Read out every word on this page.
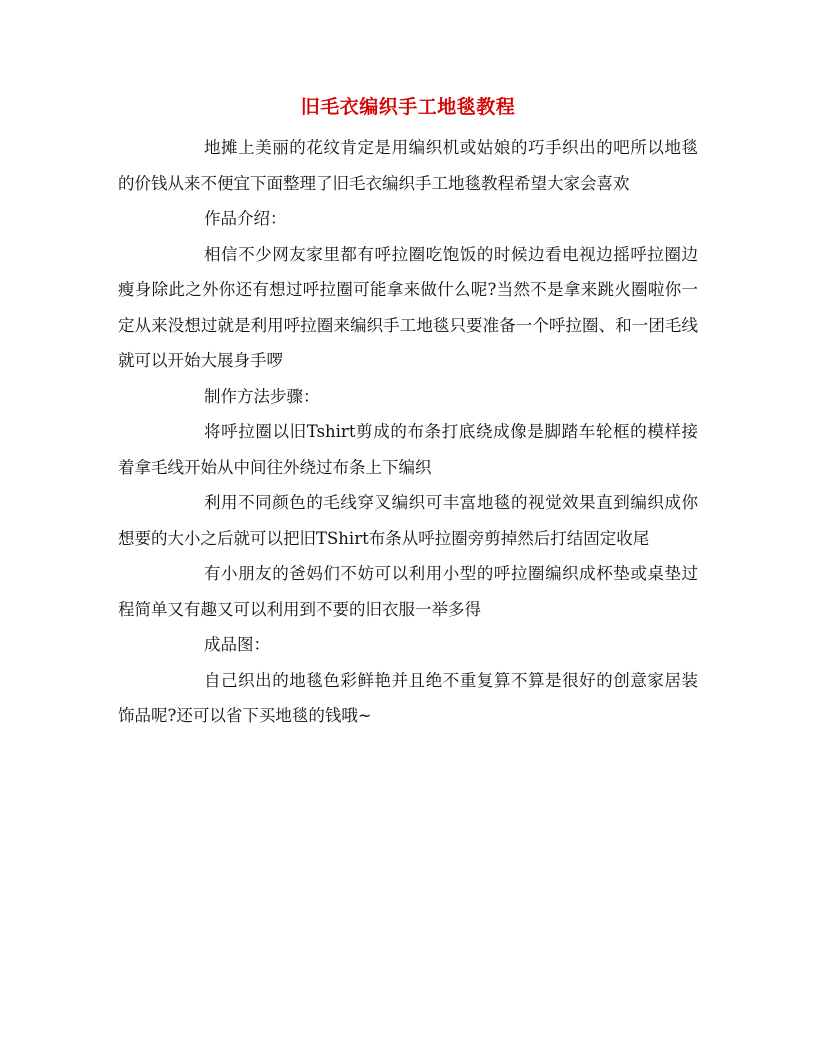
旧毛衣编织手工地毯教程

地摊上美丽的花纹肯定是用编织机或姑娘的巧手织出的吧所以地毯的价钱从来不便宜下面整理了旧毛衣编织手工地毯教程希望大家会喜欢

作品介绍：

相信不少网友家里都有呼拉圈吃饱饭的时候边看电视边摇呼拉圈边瘦身除此之外你还有想过呼拉圈可能拿来做什么呢?当然不是拿来跳火圈啦你一定从来没想过就是利用呼拉圈来编织手工地毯只要准备一个呼拉圈、和一团毛线就可以开始大展身手啰

制作方法步骤：

将呼拉圈以旧Tshirt剪成的布条打底绕成像是脚踏车轮框的模样接着拿毛线开始从中间往外绕过布条上下编织

利用不同颜色的毛线穿叉编织可丰富地毯的视觉效果直到编织成你想要的大小之后就可以把旧TShirt布条从呼拉圈旁剪掉然后打结固定收尾

有小朋友的爸妈们不妨可以利用小型的呼拉圈编织成杯垫或桌垫过程简单又有趣又可以利用到不要的旧衣服一举多得

成品图：

自己织出的地毯色彩鲜艳并且绝不重复算不算是很好的创意家居装饰品呢?还可以省下买地毯的钱哦~
